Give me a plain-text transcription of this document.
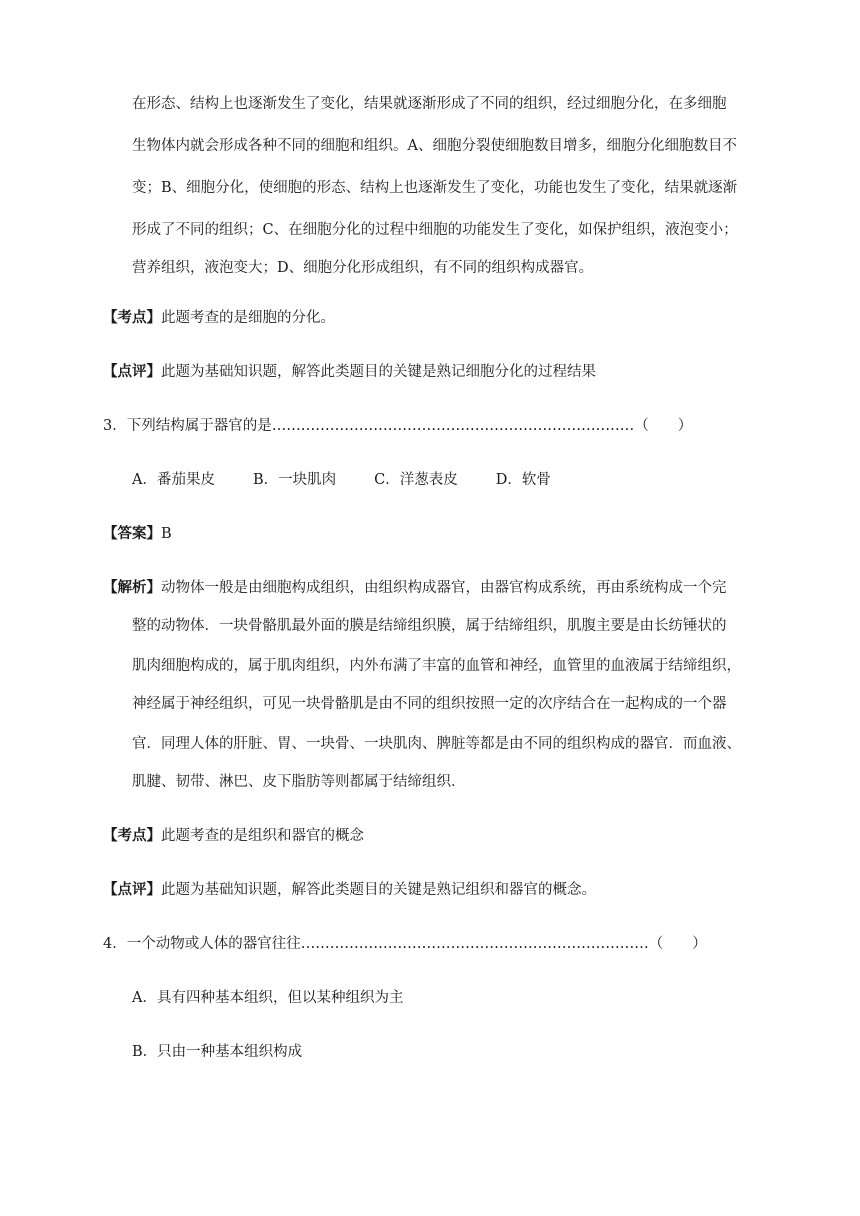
在形态、结构上也逐渐发生了变化，结果就逐渐形成了不同的组织，经过细胞分化，在多细胞
生物体内就会形成各种不同的细胞和组织。A、细胞分裂使细胞数目增多，细胞分化细胞数目不
变；B、细胞分化，使细胞的形态、结构上也逐渐发生了变化，功能也发生了变化，结果就逐渐
形成了不同的组织；C、在细胞分化的过程中细胞的功能发生了变化，如保护组织，液泡变小；
营养组织，液泡变大；D、细胞分化形成组织，有不同的组织构成器官。
【考点】此题考查的是细胞的分化。
【点评】此题为基础知识题，解答此类题目的关键是熟记细胞分化的过程结果
3．下列结构属于器官的是…………………………………………………………………（　　）
A．番茄果皮	B．一块肌肉	C．洋葱表皮	D．软骨
【答案】B
【解析】动物体一般是由细胞构成组织，由组织构成器官，由器官构成系统，再由系统构成一个完
整的动物体．一块骨骼肌最外面的膜是结缔组织膜，属于结缔组织，肌腹主要是由长纺锤状的
肌肉细胞构成的，属于肌肉组织，内外布满了丰富的血管和神经，血管里的血液属于结缔组织，
神经属于神经组织，可见一块骨骼肌是由不同的组织按照一定的次序结合在一起构成的一个器
官．同理人体的肝脏、胃、一块骨、一块肌肉、脾脏等都是由不同的组织构成的器官．而血液、
肌腱、韧带、淋巴、皮下脂肪等则都属于结缔组织．
【考点】此题考查的是组织和器官的概念
【点评】此题为基础知识题，解答此类题目的关键是熟记组织和器官的概念。
4．一个动物或人体的器官往往………………………………………………………………（　　）
A．具有四种基本组织，但以某种组织为主
B．只由一种基本组织构成
